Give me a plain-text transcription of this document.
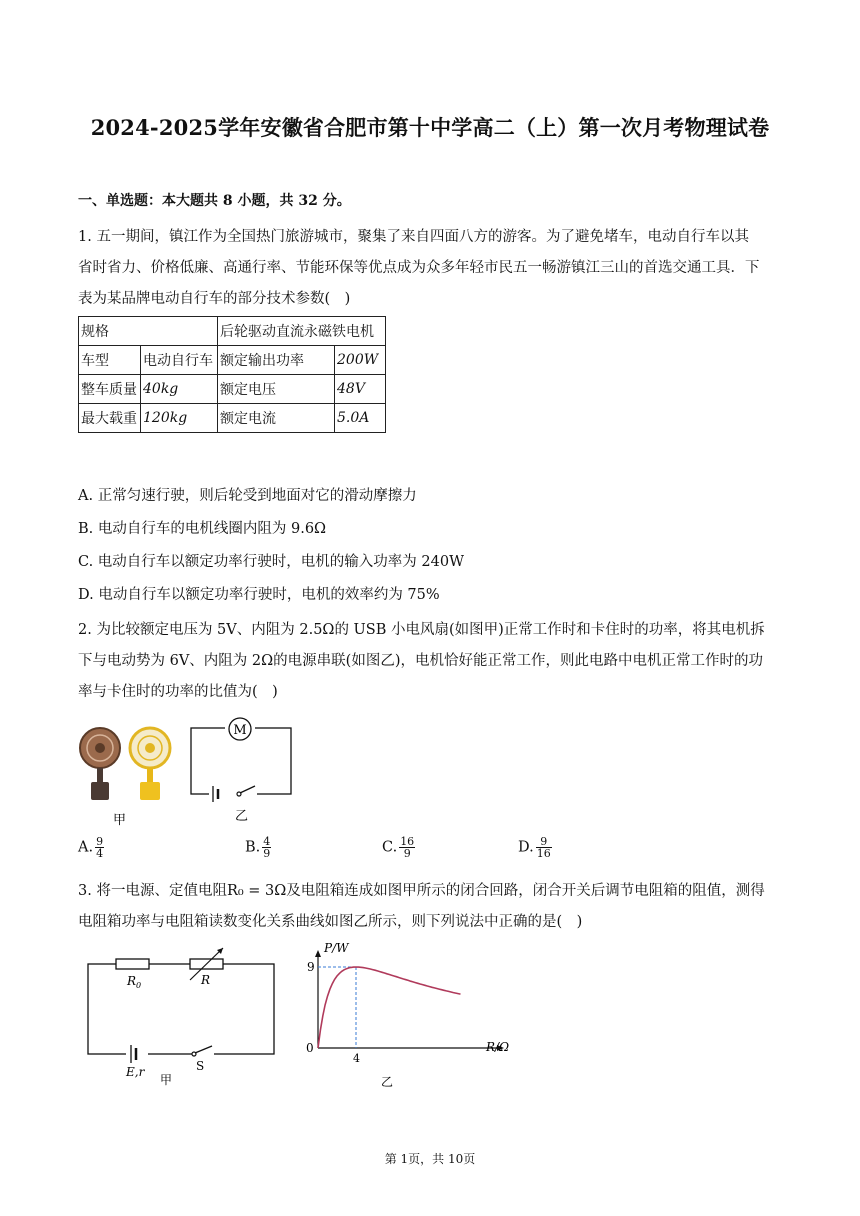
2024-2025学年安徽省合肥市第十中学高二（上）第一次月考物理试卷
一、单选题：本大题共 8 小题，共 32 分。
1. 五一期间，镇江作为全国热门旅游城市，聚集了来自四面八方的游客。为了避免堵车，电动自行车以其
省时省力、价格低廉、高通行率、节能环保等优点成为众多年轻市民五一畅游镇江三山的首选交通工具．下
表为某品牌电动自行车的部分技术参数(　)
规格		后轮驱动直流永磁铁电机	
车型	电动自行车	额定输出功率	200W
整车质量	40kg	额定电压	48V
最大载重	120kg	额定电流	5.0A
A. 正常匀速行驶，则后轮受到地面对它的滑动摩擦力
B. 电动自行车的电机线圈内阻为 9.6Ω
C. 电动自行车以额定功率行驶时，电机的输入功率为 240W
D. 电动自行车以额定功率行驶时，电机的效率约为 75%
2. 为比较额定电压为 5V、内阻为 2.5Ω的 USB 小电风扇(如图甲)正常工作时和卡住时的功率，将其电机拆
下与电动势为 6V、内阻为 2Ω的电源串联(如图乙)，电机恰好能正常工作，则此电路中电机正常工作时的功
率与卡住时的功率的比值为(　)
甲
M
乙
A. $\frac{9}{4}$	B. $\frac{4}{9}$	C. $\frac{16}{9}$	D. $\frac{9}{16}$
3. 将一电源、定值电阻R₀ = 3Ω及电阻箱连成如图甲所示的闭合回路，闭合开关后调节电阻箱的阻值，测得
电阻箱功率与电阻箱读数变化关系曲线如图乙所示，则下列说法中正确的是(　)
$R_0$	R
E,r	S
甲
P/W
R/Ω
0
9
4
乙
第 1页，共 10页
